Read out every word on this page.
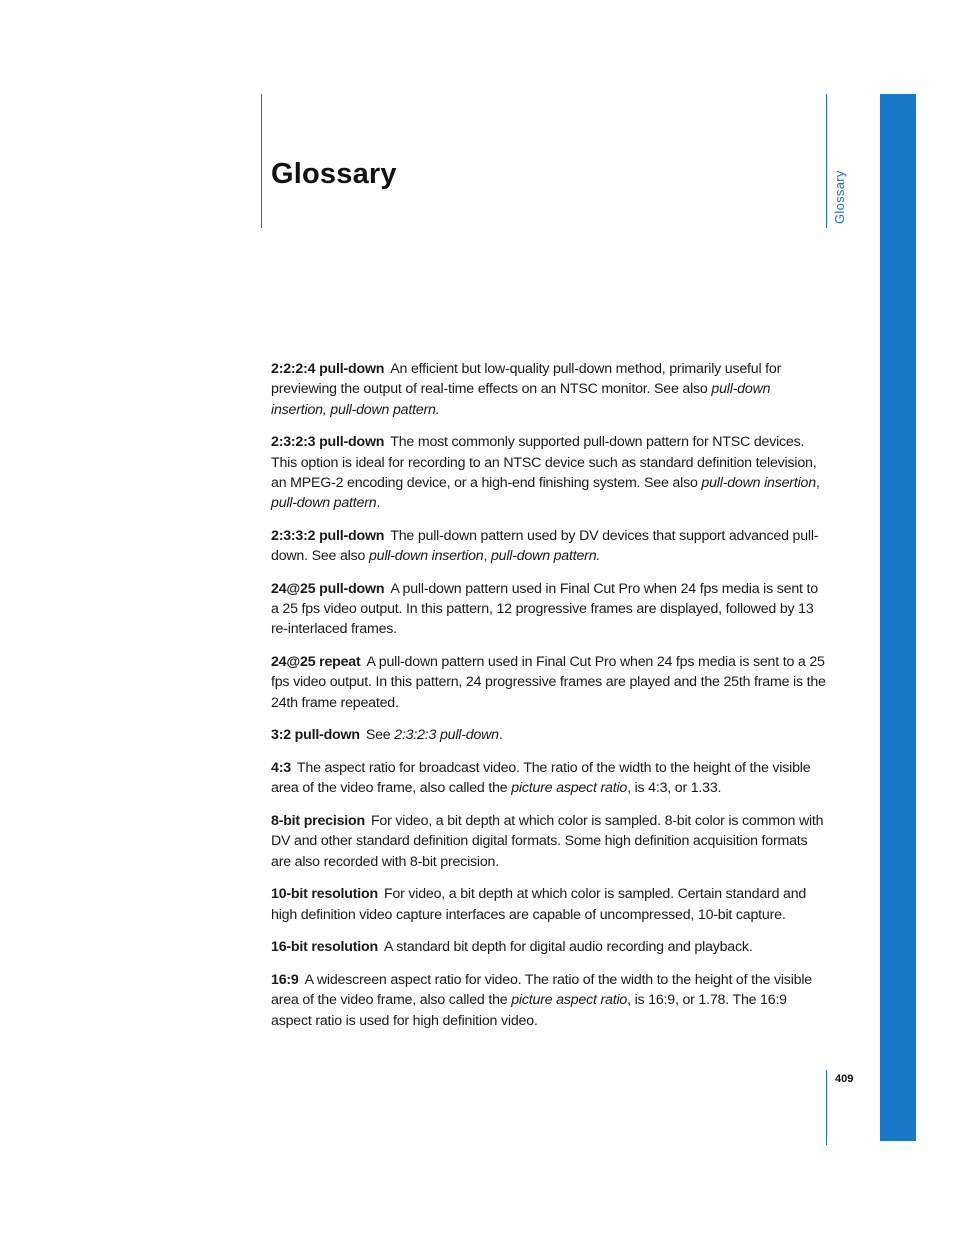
Glossary	Glossary
409

2:2:2:4 pull-down An efficient but low-quality pull-down method, primarily useful for previewing the output of real-time effects on an NTSC monitor. See also pull-down insertion, pull-down pattern.

2:3:2:3 pull-down The most commonly supported pull-down pattern for NTSC devices. This option is ideal for recording to an NTSC device such as standard definition television, an MPEG-2 encoding device, or a high-end finishing system. See also pull-down insertion, pull-down pattern.

2:3:3:2 pull-down The pull-down pattern used by DV devices that support advanced pull-down. See also pull-down insertion, pull-down pattern.

24@25 pull-down A pull-down pattern used in Final Cut Pro when 24 fps media is sent to a 25 fps video output. In this pattern, 12 progressive frames are displayed, followed by 13 re-interlaced frames.

24@25 repeat A pull-down pattern used in Final Cut Pro when 24 fps media is sent to a 25 fps video output. In this pattern, 24 progressive frames are played and the 25th frame is the 24th frame repeated.

3:2 pull-down See 2:3:2:3 pull-down.

4:3 The aspect ratio for broadcast video. The ratio of the width to the height of the visible area of the video frame, also called the picture aspect ratio, is 4:3, or 1.33.

8-bit precision For video, a bit depth at which color is sampled. 8-bit color is common with DV and other standard definition digital formats. Some high definition acquisition formats are also recorded with 8-bit precision.

10-bit resolution For video, a bit depth at which color is sampled. Certain standard and high definition video capture interfaces are capable of uncompressed, 10-bit capture.

16-bit resolution A standard bit depth for digital audio recording and playback.

16:9 A widescreen aspect ratio for video. The ratio of the width to the height of the visible area of the video frame, also called the picture aspect ratio, is 16:9, or 1.78. The 16:9 aspect ratio is used for high definition video.
